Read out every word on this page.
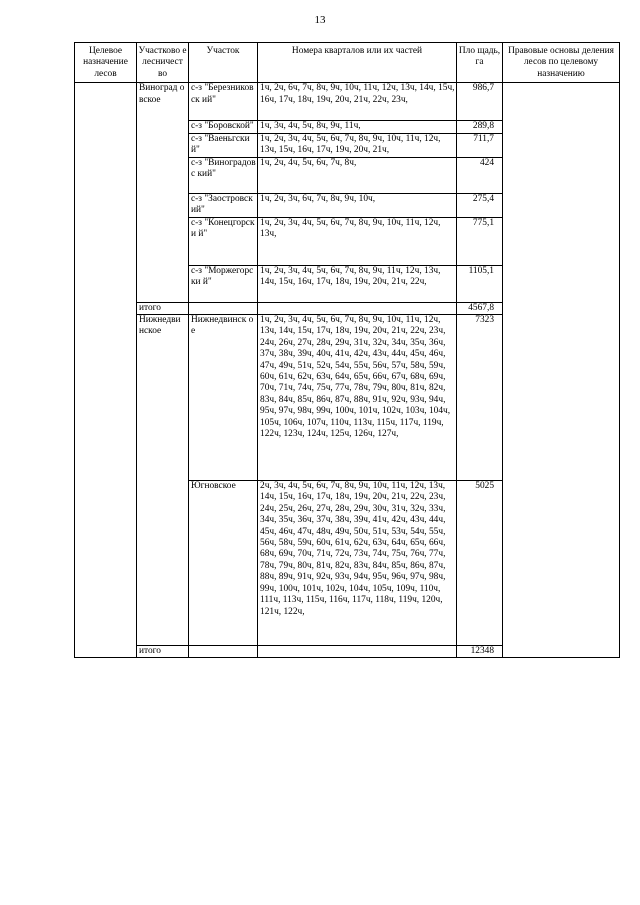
13
Целевое назначение лесов	Участково е лесничест во	Участок	Номера кварталов или их частей	Пло щадь, га	Правовые основы деления лесов по целевому назначению
	Виноград овское	с-з "Березниковск ий"	1ч, 2ч, 6ч, 7ч, 8ч, 9ч, 10ч, 11ч, 12ч, 13ч, 14ч, 15ч, 16ч, 17ч, 18ч, 19ч, 20ч, 21ч, 22ч, 23ч,	986,7	
		с-з "Боровской"	1ч, 3ч, 4ч, 5ч, 8ч, 9ч, 11ч,	289,8	
		с-з "Ваеньгский"	1ч, 2ч, 3ч, 4ч, 5ч, 6ч, 7ч, 8ч, 9ч, 10ч, 11ч, 12ч, 13ч, 15ч, 16ч, 17ч, 19ч, 20ч, 21ч,	711,7	
		с-з "Виноградовс кий"	1ч, 2ч, 4ч, 5ч, 6ч, 7ч, 8ч,	424	
		с-з "Заостровский"	1ч, 2ч, 3ч, 6ч, 7ч, 8ч, 9ч, 10ч,	275,4	
		с-з "Конецгорски й"	1ч, 2ч, 3ч, 4ч, 5ч, 6ч, 7ч, 8ч, 9ч, 10ч, 11ч, 12ч, 13ч,	775,1	
		с-з "Моржегорски й"	1ч, 2ч, 3ч, 4ч, 5ч, 6ч, 7ч, 8ч, 9ч, 11ч, 12ч, 13ч, 14ч, 15ч, 16ч, 17ч, 18ч, 19ч, 20ч, 21ч, 22ч,	1105,1	
	итого			4567,8	
	Нижнедви нское	Нижнедвинск ое	1ч, 2ч, 3ч, 4ч, 5ч, 6ч, 7ч, 8ч, 9ч, 10ч, 11ч, 12ч, 13ч, 14ч, 15ч, 17ч, 18ч, 19ч, 20ч, 21ч, 22ч, 23ч, 24ч, 26ч, 27ч, 28ч, 29ч, 31ч, 32ч, 34ч, 35ч, 36ч, 37ч, 38ч, 39ч, 40ч, 41ч, 42ч, 43ч, 44ч, 45ч, 46ч, 47ч, 49ч, 51ч, 52ч, 54ч, 55ч, 56ч, 57ч, 58ч, 59ч, 60ч, 61ч, 62ч, 63ч, 64ч, 65ч, 66ч, 67ч, 68ч, 69ч, 70ч, 71ч, 74ч, 75ч, 77ч, 78ч, 79ч, 80ч, 81ч, 82ч, 83ч, 84ч, 85ч, 86ч, 87ч, 88ч, 91ч, 92ч, 93ч, 94ч, 95ч, 97ч, 98ч, 99ч, 100ч, 101ч, 102ч, 103ч, 104ч, 105ч, 106ч, 107ч, 110ч, 113ч, 115ч, 117ч, 119ч, 122ч, 123ч, 124ч, 125ч, 126ч, 127ч,	7323	
		Югновское	2ч, 3ч, 4ч, 5ч, 6ч, 7ч, 8ч, 9ч, 10ч, 11ч, 12ч, 13ч, 14ч, 15ч, 16ч, 17ч, 18ч, 19ч, 20ч, 21ч, 22ч, 23ч, 24ч, 25ч, 26ч, 27ч, 28ч, 29ч, 30ч, 31ч, 32ч, 33ч, 34ч, 35ч, 36ч, 37ч, 38ч, 39ч, 41ч, 42ч, 43ч, 44ч, 45ч, 46ч, 47ч, 48ч, 49ч, 50ч, 51ч, 53ч, 54ч, 55ч, 56ч, 58ч, 59ч, 60ч, 61ч, 62ч, 63ч, 64ч, 65ч, 66ч, 68ч, 69ч, 70ч, 71ч, 72ч, 73ч, 74ч, 75ч, 76ч, 77ч, 78ч, 79ч, 80ч, 81ч, 82ч, 83ч, 84ч, 85ч, 86ч, 87ч, 88ч, 89ч, 91ч, 92ч, 93ч, 94ч, 95ч, 96ч, 97ч, 98ч, 99ч, 100ч, 101ч, 102ч, 104ч, 105ч, 109ч, 110ч, 111ч, 113ч, 115ч, 116ч, 117ч, 118ч, 119ч, 120ч, 121ч, 122ч,	5025	
	итого			12348	
